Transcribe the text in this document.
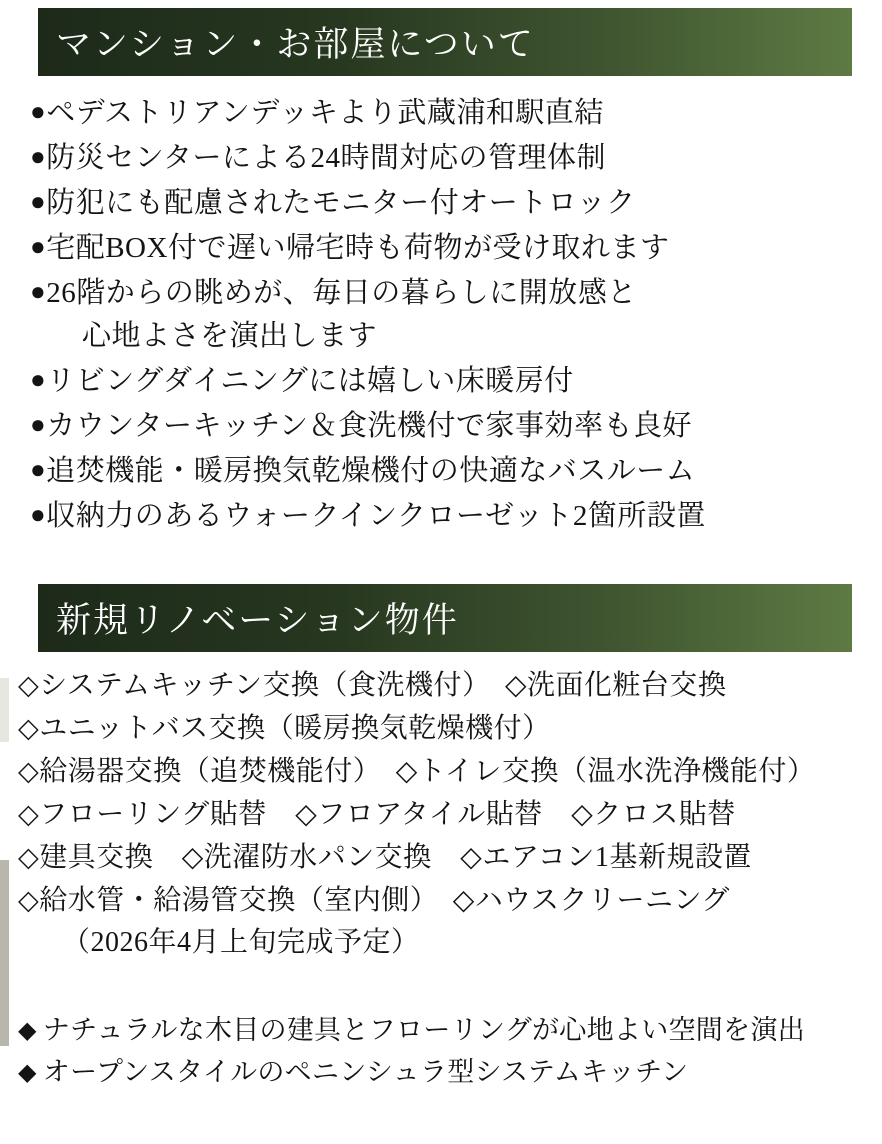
マンション・お部屋について
●ペデストリアンデッキより武蔵浦和駅直結
●防災センターによる24時間対応の管理体制
●防犯にも配慮されたモニター付オートロック
●宅配BOX付で遅い帰宅時も荷物が受け取れます
●26階からの眺めが、毎日の暮らしに開放感と
心地よさを演出します
●リビングダイニングには嬉しい床暖房付
●カウンターキッチン＆食洗機付で家事効率も良好
●追焚機能・暖房換気乾燥機付の快適なバスルーム
●収納力のあるウォークインクローゼット2箇所設置
新規リノベーション物件
◇システムキッチン交換（食洗機付）　◇洗面化粧台交換
◇ユニットバス交換（暖房換気乾燥機付）
◇給湯器交換（追焚機能付）　◇トイレ交換（温水洗浄機能付）
◇フローリング貼替　◇フロアタイル貼替　◇クロス貼替
◇建具交換　◇洗濯防水パン交換　◇エアコン1基新規設置
◇給水管・給湯管交換（室内側）　◇ハウスクリーニング
（2026年4月上旬完成予定）
◆ ナチュラルな木目の建具とフローリングが心地よい空間を演出
◆ オープンスタイルのペニンシュラ型システムキッチン
